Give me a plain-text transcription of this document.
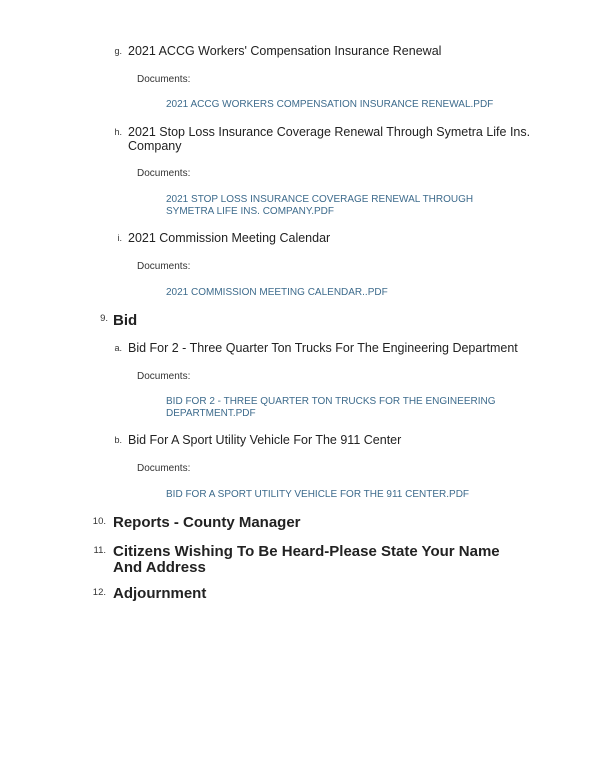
g. 2021 ACCG Workers' Compensation Insurance Renewal
Documents:
2021 ACCG WORKERS COMPENSATION INSURANCE RENEWAL.PDF
h. 2021 Stop Loss Insurance Coverage Renewal Through Symetra Life Ins.
Company
Documents:
2021 STOP LOSS INSURANCE COVERAGE RENEWAL THROUGH
SYMETRA LIFE INS. COMPANY.PDF
i. 2021 Commission Meeting Calendar
Documents:
2021 COMMISSION MEETING CALENDAR..PDF
9. Bid
a. Bid For 2 - Three Quarter Ton Trucks For The Engineering Department
Documents:
BID FOR 2 - THREE QUARTER TON TRUCKS FOR THE ENGINEERING
DEPARTMENT.PDF
b. Bid For A Sport Utility Vehicle For The 911 Center
Documents:
BID FOR A SPORT UTILITY VEHICLE FOR THE 911 CENTER.PDF
10. Reports - County Manager
11. Citizens Wishing To Be Heard-Please State Your Name
And Address
12. Adjournment
